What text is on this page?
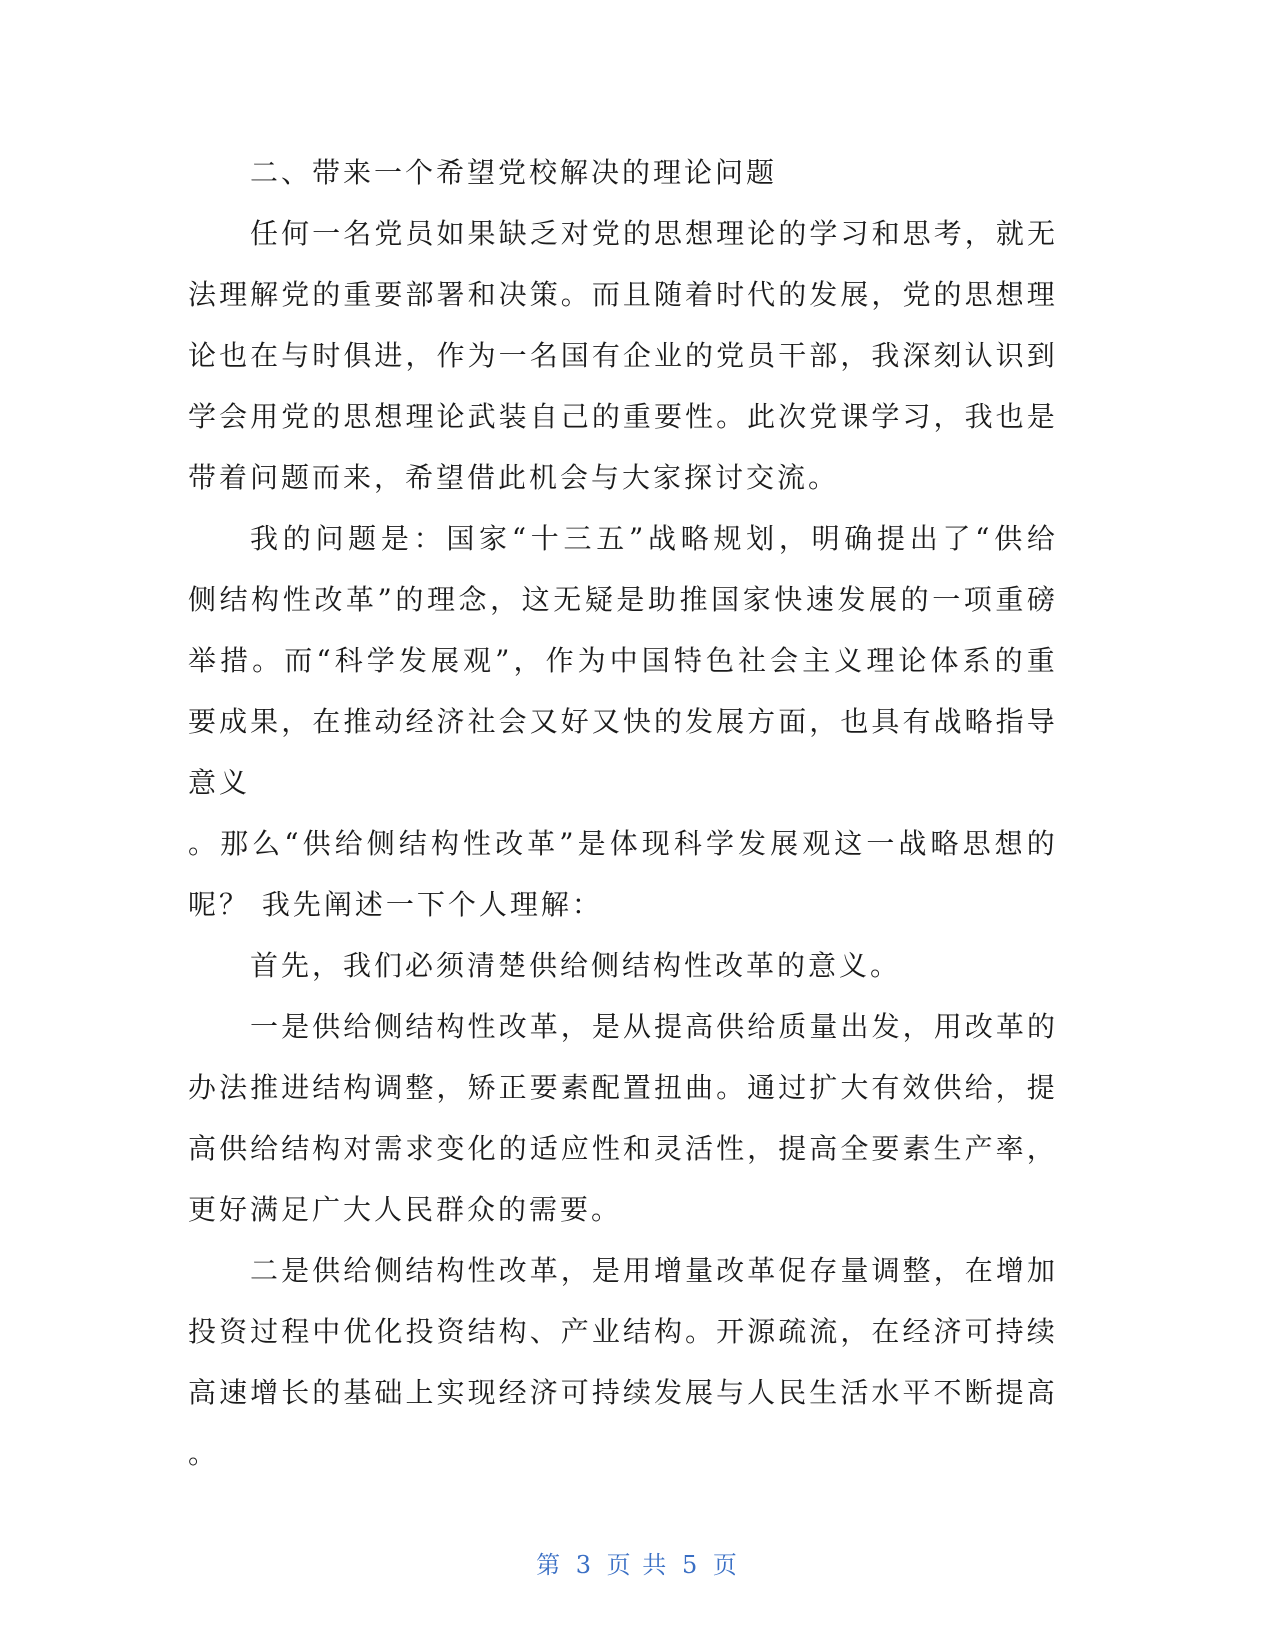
二、带来一个希望党校解决的理论问题
任 何 一 名 党 员 如 果 缺 乏 对 党 的 思 想 理 论 的 学 习 和 思 考 ， 就 无
法 理 解 党 的 重 要 部 署 和 决 策 。 而 且 随 着 时 代 的 发 展 ， 党 的 思 想 理
论 也 在 与 时 俱 进 ， 作 为 一 名 国 有 企 业 的 党 员 干 部 ， 我 深 刻 认 识 到
学 会 用 党 的 思 想 理 论 武 装 自 己 的 重 要 性 。 此 次 党 课 学 习 ， 我 也 是
带着问题而来，希望借此机会与大家探讨交流。
我 的 问 题 是 ： 国 家 “ 十 三 五 ” 战 略 规 划 ， 明 确 提 出 了 “ 供 给
侧 结 构 性 改 革 ” 的 理 念 ， 这 无 疑 是 助 推 国 家 快 速 发 展 的 一 项 重 磅
举 措 。 而 “ 科 学 发 展 观 ” ， 作 为 中 国 特 色 社 会 主 义 理 论 体 系 的 重
要 成 果 ， 在 推 动 经 济 社 会 又 好 又 快 的 发 展 方 面 ， 也 具 有 战 略 指 导
意义
。 那 么 “ 供 给 侧 结 构 性 改 革 ” 是 体 现 科 学 发 展 观 这 一 战 略 思 想 的
呢？ 我先阐述一下个人理解：
首先，我们必须清楚供给侧结构性改革的意义。
一 是 供 给 侧 结 构 性 改 革 ， 是 从 提 高 供 给 质 量 出 发 ， 用 改 革 的
办 法 推 进 结 构 调 整 ， 矫 正 要 素 配 置 扭 曲 。 通 过 扩 大 有 效 供 给 ， 提
高 供 给 结 构 对 需 求 变 化 的 适 应 性 和 灵 活 性 ， 提 高 全 要 素 生 产 率 ，
更好满足广大人民群众的需要。
二 是 供 给 侧 结 构 性 改 革 ， 是 用 增 量 改 革 促 存 量 调 整 ， 在 增 加
投 资 过 程 中 优 化 投 资 结 构 、 产 业 结 构 。 开 源 疏 流 ， 在 经 济 可 持 续
高 速 增 长 的 基 础 上 实 现 经 济 可 持 续 发 展 与 人 民 生 活 水 平 不 断 提 高
。
第 3 页 共 5 页
